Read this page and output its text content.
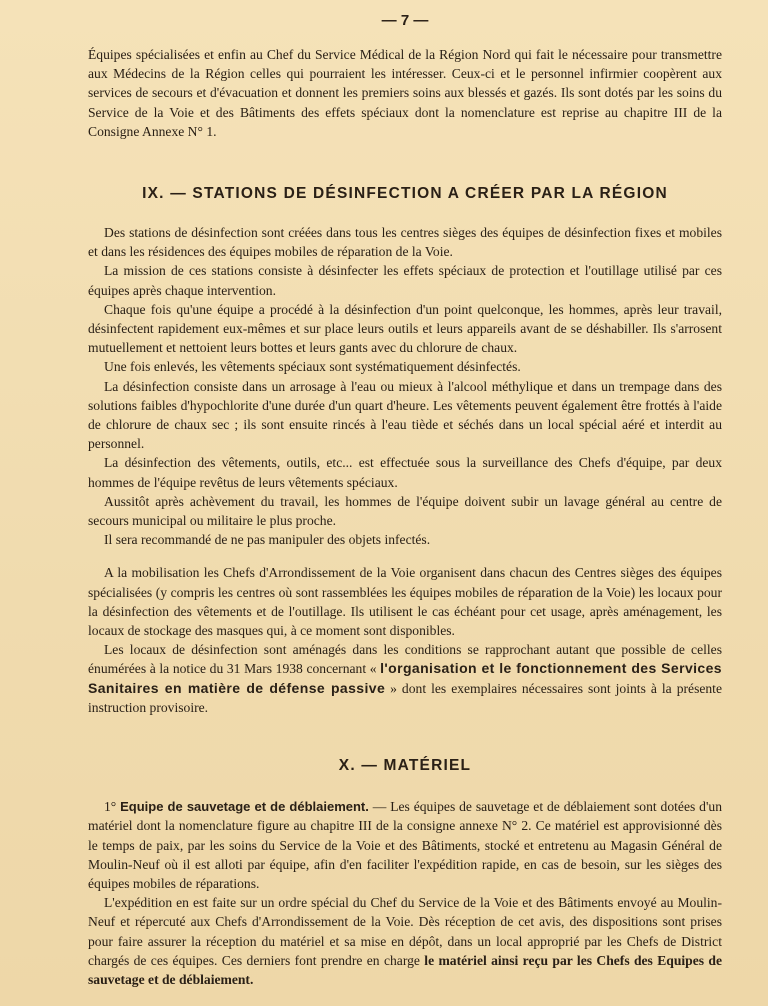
— 7 —

Équipes spécialisées et enfin au Chef du Service Médical de la Région Nord qui fait le nécessaire pour transmettre aux Médecins de la Région celles qui pourraient les intéresser. Ceux-ci et le personnel infirmier coopèrent aux services de secours et d'évacuation et donnent les premiers soins aux blessés et gazés. Ils sont dotés par les soins du Service de la Voie et des Bâtiments des effets spéciaux dont la nomenclature est reprise au chapitre III de la Consigne Annexe N° 1.

IX. — STATIONS DE DÉSINFECTION A CRÉER PAR LA RÉGION

Des stations de désinfection sont créées dans tous les centres sièges des équipes de désinfection fixes et mobiles et dans les résidences des équipes mobiles de réparation de la Voie.

La mission de ces stations consiste à désinfecter les effets spéciaux de protection et l'outillage utilisé par ces équipes après chaque intervention.

Chaque fois qu'une équipe a procédé à la désinfection d'un point quelconque, les hommes, après leur travail, désinfectent rapidement eux-mêmes et sur place leurs outils et leurs appareils avant de se déshabiller. Ils s'arrosent mutuellement et nettoient leurs bottes et leurs gants avec du chlorure de chaux.

Une fois enlevés, les vêtements spéciaux sont systématiquement désinfectés.

La désinfection consiste dans un arrosage à l'eau ou mieux à l'alcool méthylique et dans un trempage dans des solutions faibles d'hypochlorite d'une durée d'un quart d'heure. Les vêtements peuvent également être frottés à l'aide de chlorure de chaux sec ; ils sont ensuite rincés à l'eau tiède et séchés dans un local spécial aéré et interdit au personnel.

La désinfection des vêtements, outils, etc... est effectuée sous la surveillance des Chefs d'équipe, par deux hommes de l'équipe revêtus de leurs vêtements spéciaux.

Aussitôt après achèvement du travail, les hommes de l'équipe doivent subir un lavage général au centre de secours municipal ou militaire le plus proche.

Il sera recommandé de ne pas manipuler des objets infectés.

A la mobilisation les Chefs d'Arrondissement de la Voie organisent dans chacun des Centres sièges des équipes spécialisées (y compris les centres où sont rassemblées les équipes mobiles de réparation de la Voie) les locaux pour la désinfection des vêtements et de l'outillage. Ils utilisent le cas échéant pour cet usage, après aménagement, les locaux de stockage des masques qui, à ce moment sont disponibles.

Les locaux de désinfection sont aménagés dans les conditions se rapprochant autant que possible de celles énumérées à la notice du 31 Mars 1938 concernant « l'organisation et le fonctionnement des Services Sanitaires en matière de défense passive » dont les exemplaires nécessaires sont joints à la présente instruction provisoire.

X. — MATÉRIEL

1° Equipe de sauvetage et de déblaiement. — Les équipes de sauvetage et de déblaiement sont dotées d'un matériel dont la nomenclature figure au chapitre III de la consigne annexe N° 2. Ce matériel est approvisionné dès le temps de paix, par les soins du Service de la Voie et des Bâtiments, stocké et entretenu au Magasin Général de Moulin-Neuf où il est alloti par équipe, afin d'en faciliter l'expédition rapide, en cas de besoin, sur les sièges des équipes mobiles de réparations.

L'expédition en est faite sur un ordre spécial du Chef du Service de la Voie et des Bâtiments envoyé au Moulin-Neuf et répercuté aux Chefs d'Arrondissement de la Voie. Dès réception de cet avis, des dispositions sont prises pour faire assurer la réception du matériel et sa mise en dépôt, dans un local approprié par les Chefs de District chargés de ces équipes. Ces derniers font prendre en charge le matériel ainsi reçu par les Chefs des Equipes de sauvetage et de déblaiement.
